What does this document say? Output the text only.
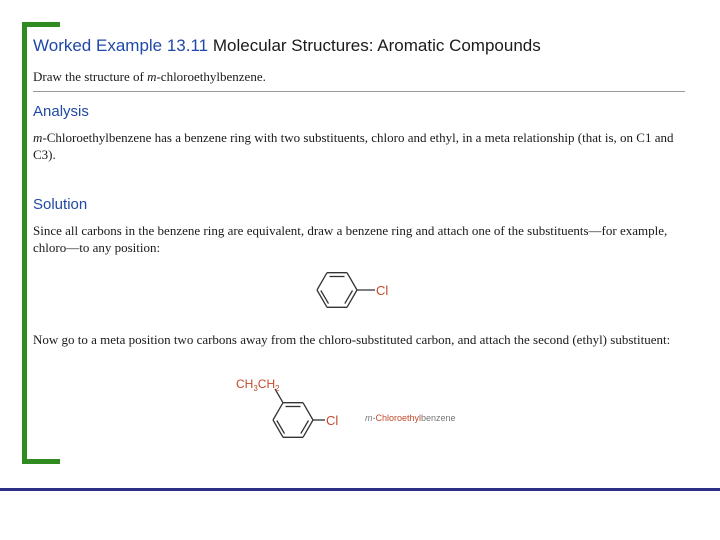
Worked Example 13.11 Molecular Structures: Aromatic Compounds
Draw the structure of m-chloroethylbenzene.
Analysis
m-Chloroethylbenzene has a benzene ring with two substituents, chloro and ethyl, in a meta relationship (that is, on C1 and C3).
Solution
Since all carbons in the benzene ring are equivalent, draw a benzene ring and attach one of the substituents—for example, chloro—to any position:
Cl
Now go to a meta position two carbons away from the chloro-substituted carbon, and attach the second (ethyl) substituent:
$CH_3CH_2$
Cl	m-Chloroethylbenzene
